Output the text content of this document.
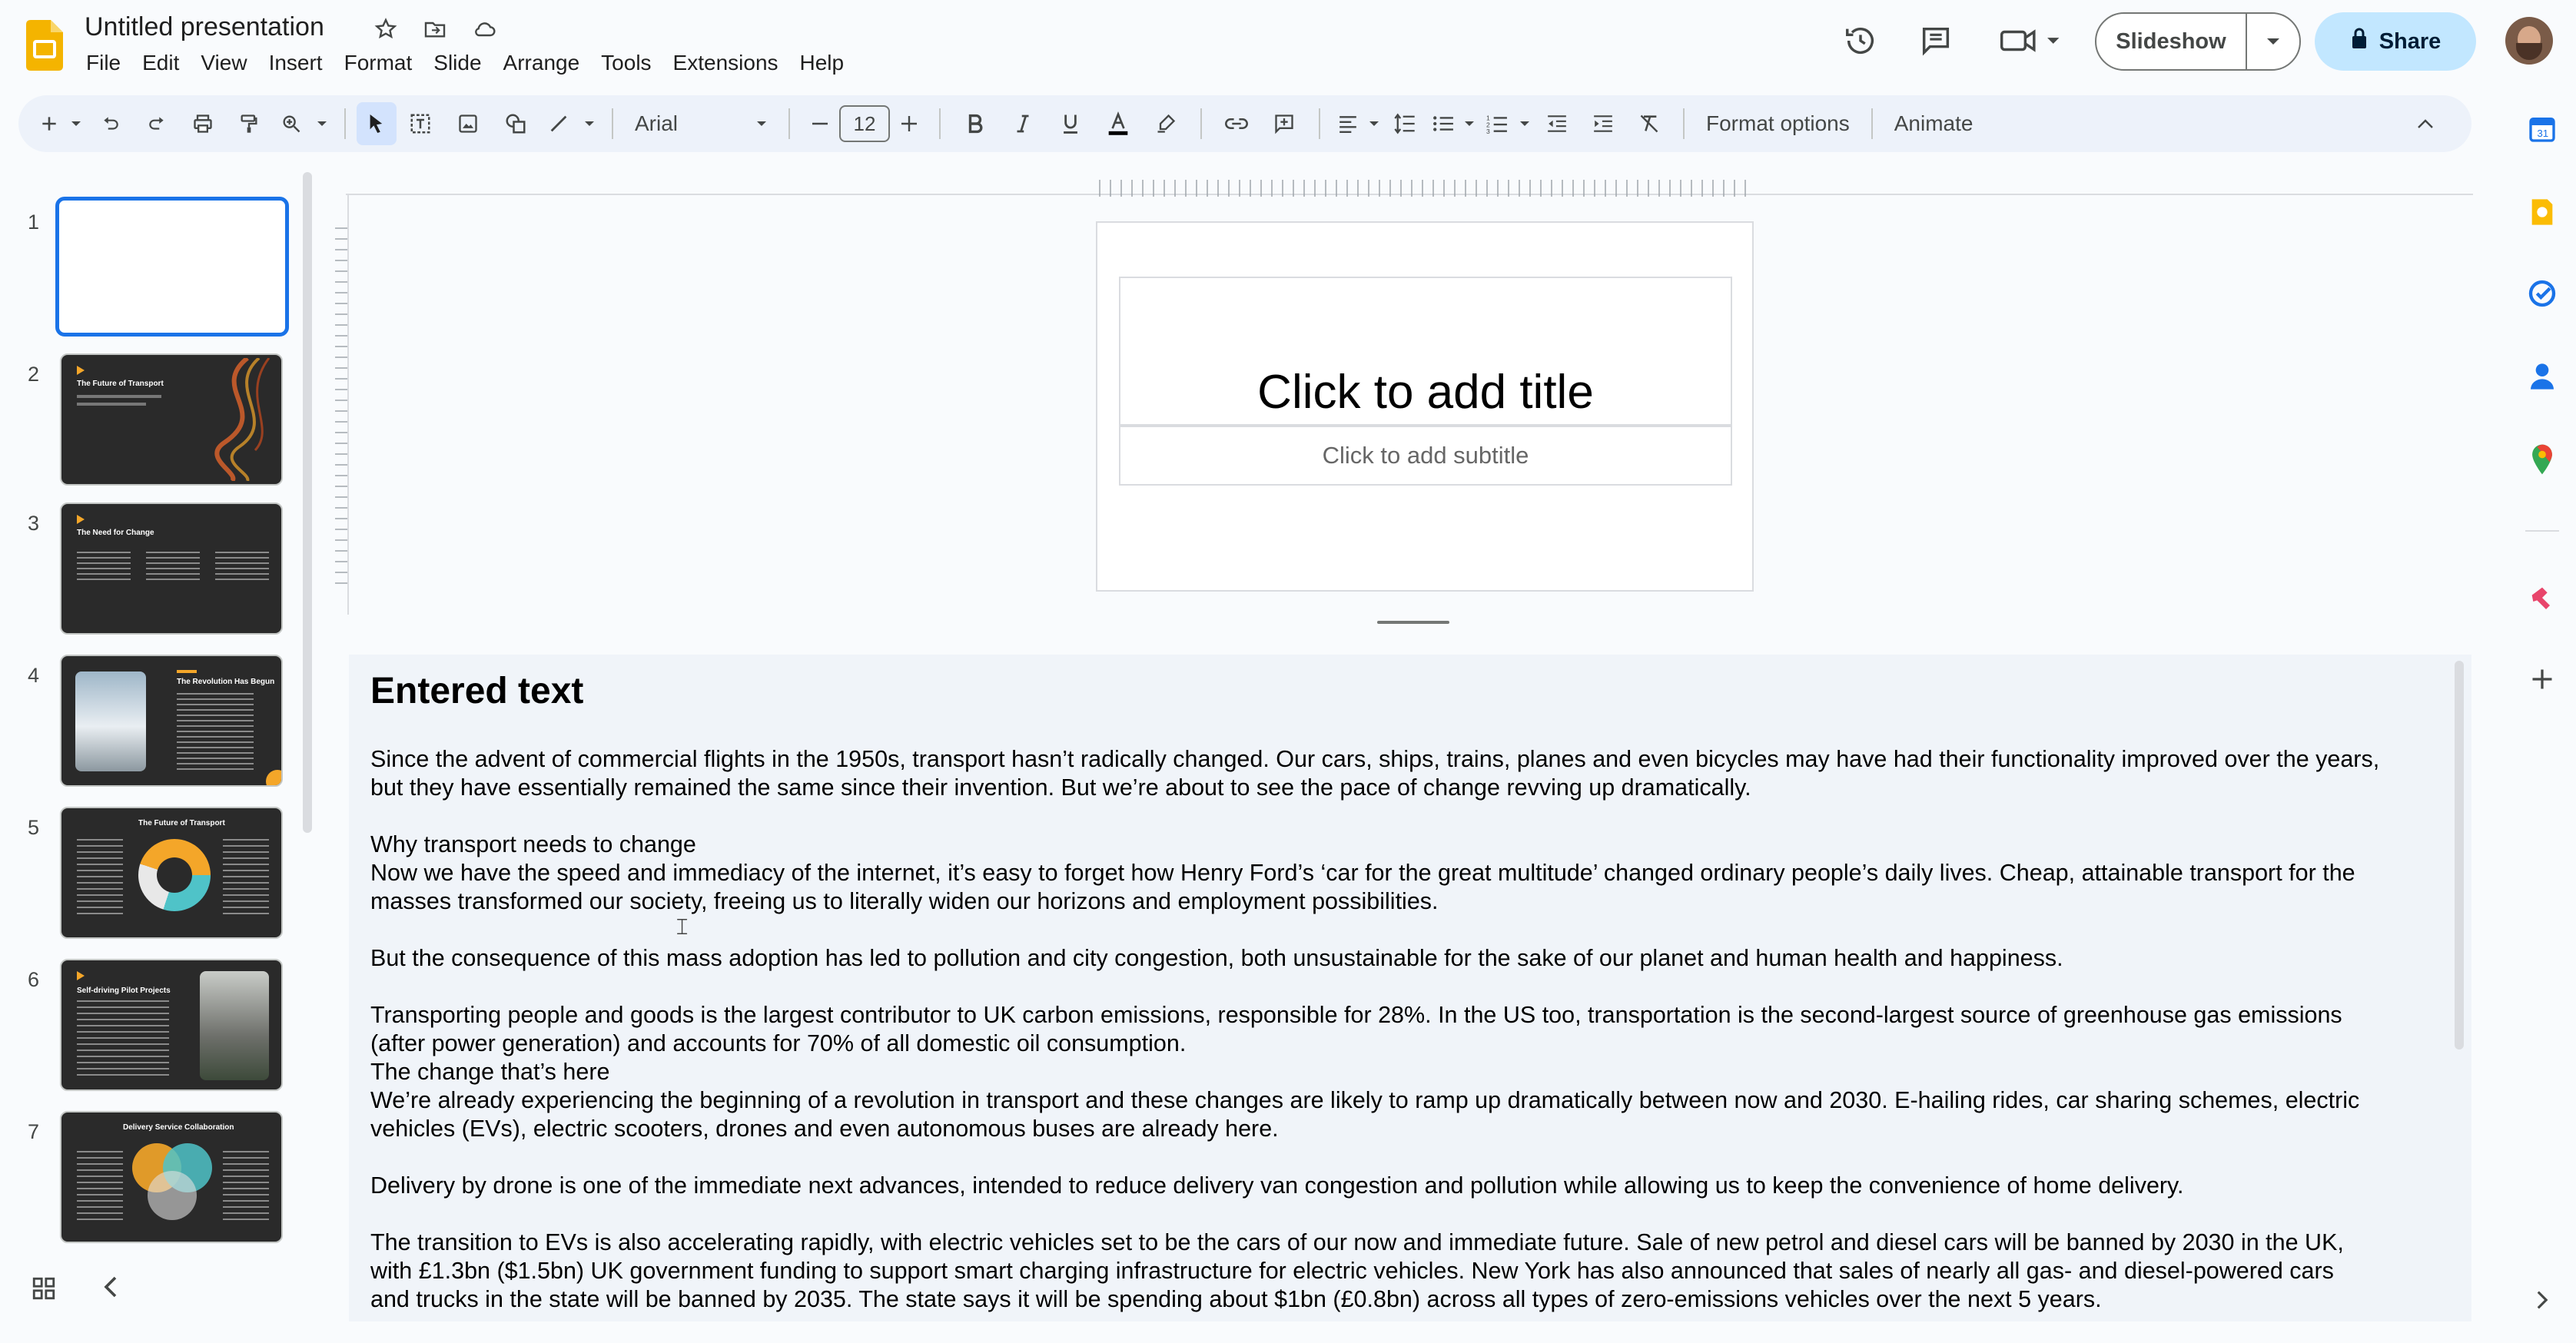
Untitled presentation
File	Edit	View	Insert	Format	Slide	Arrange	Tools	Extensions	Help
Slideshow	Share
Arial	12	1
2
3	Format options	Animate	31
1
2	The Future of Transport
3	The Need for Change
4	The Revolution Has Begun
5	The Future of Transport
6	Self-driving Pilot Projects
7	Delivery Service Collaboration
Click to add title
Click to add subtitle
Entered text

Since the advent of commercial flights in the 1950s, transport hasn’t radically changed. Our cars, ships, trains, planes and even bicycles may have had their functionality improved over the years,

but they have essentially remained the same since their invention. But we’re about to see the pace of change revving up dramatically.

Why transport needs to change

Now we have the speed and immediacy of the internet, it’s easy to forget how Henry Ford’s ‘car for the great multitude’ changed ordinary people’s daily lives. Cheap, attainable transport for the

masses transformed our society, freeing us to literally widen our horizons and employment possibilities.

But the consequence of this mass adoption has led to pollution and city congestion, both unsustainable for the sake of our planet and human health and happiness.

Transporting people and goods is the largest contributor to UK carbon emissions, responsible for 28%. In the US too, transportation is the second-largest source of greenhouse gas emissions

(after power generation) and accounts for 70% of all domestic oil consumption.

The change that’s here

We’re already experiencing the beginning of a revolution in transport and these changes are likely to ramp up dramatically between now and 2030. E-hailing rides, car sharing schemes, electric

vehicles (EVs), electric scooters, drones and even autonomous buses are already here.

Delivery by drone is one of the immediate next advances, intended to reduce delivery van congestion and pollution while allowing us to keep the convenience of home delivery.

The transition to EVs is also accelerating rapidly, with electric vehicles set to be the cars of our now and immediate future. Sale of new petrol and diesel cars will be banned by 2030 in the UK,

with £1.3bn ($1.5bn) UK government funding to support smart charging infrastructure for electric vehicles. New York has also announced that sales of nearly all gas- and diesel-powered cars

and trucks in the state will be banned by 2035. The state says it will be spending about $1bn (£0.8bn) across all types of zero-emissions vehicles over the next 5 years.

𝙸
